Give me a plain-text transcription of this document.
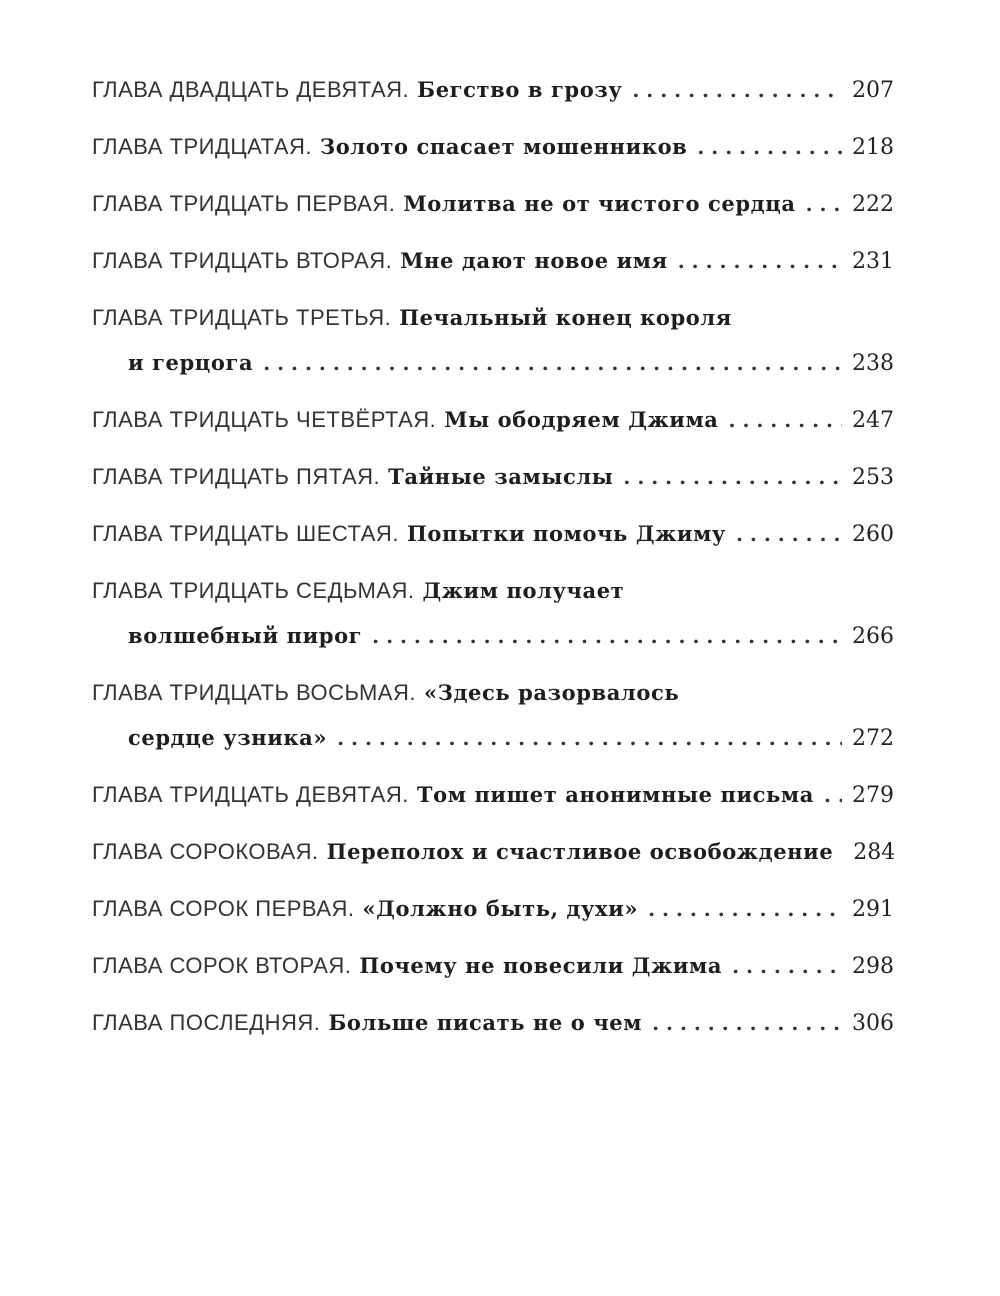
ГЛАВА ДВАДЦАТЬ ДЕВЯТАЯ. Бегство в грозу . . .	207
ГЛАВА ТРИДЦАТАЯ. Золото спасает мошенников . . .	218
ГЛАВА ТРИДЦАТЬ ПЕРВАЯ. Молитва не от чистого сердца . . .	222
ГЛАВА ТРИДЦАТЬ ВТОРАЯ. Мне дают новое имя . . .	231
ГЛАВА ТРИДЦАТЬ ТРЕТЬЯ. Печальный конец короля
и герцога . . .	238
ГЛАВА ТРИДЦАТЬ ЧЕТВЁРТАЯ. Мы ободряем Джима . . .	247
ГЛАВА ТРИДЦАТЬ ПЯТАЯ. Тайные замыслы . . .	253
ГЛАВА ТРИДЦАТЬ ШЕСТАЯ. Попытки помочь Джиму . . .	260
ГЛАВА ТРИДЦАТЬ СЕДЬМАЯ. Джим получает
волшебный пирог . . .	266
ГЛАВА ТРИДЦАТЬ ВОСЬМАЯ. «Здесь разорвалось
сердце узника» . . .	272
ГЛАВА ТРИДЦАТЬ ДЕВЯТАЯ. Том пишет анонимные письма . . . 279
ГЛАВА СОРОКОВАЯ. Переполох и счастливое освобождение 284
ГЛАВА СОРОК ПЕРВАЯ. «Должно быть, духи» . . .	291
ГЛАВА СОРОК ВТОРАЯ. Почему не повесили Джима . . .	298
ГЛАВА ПОСЛЕДНЯЯ. Больше писать не о чем . . .	306
